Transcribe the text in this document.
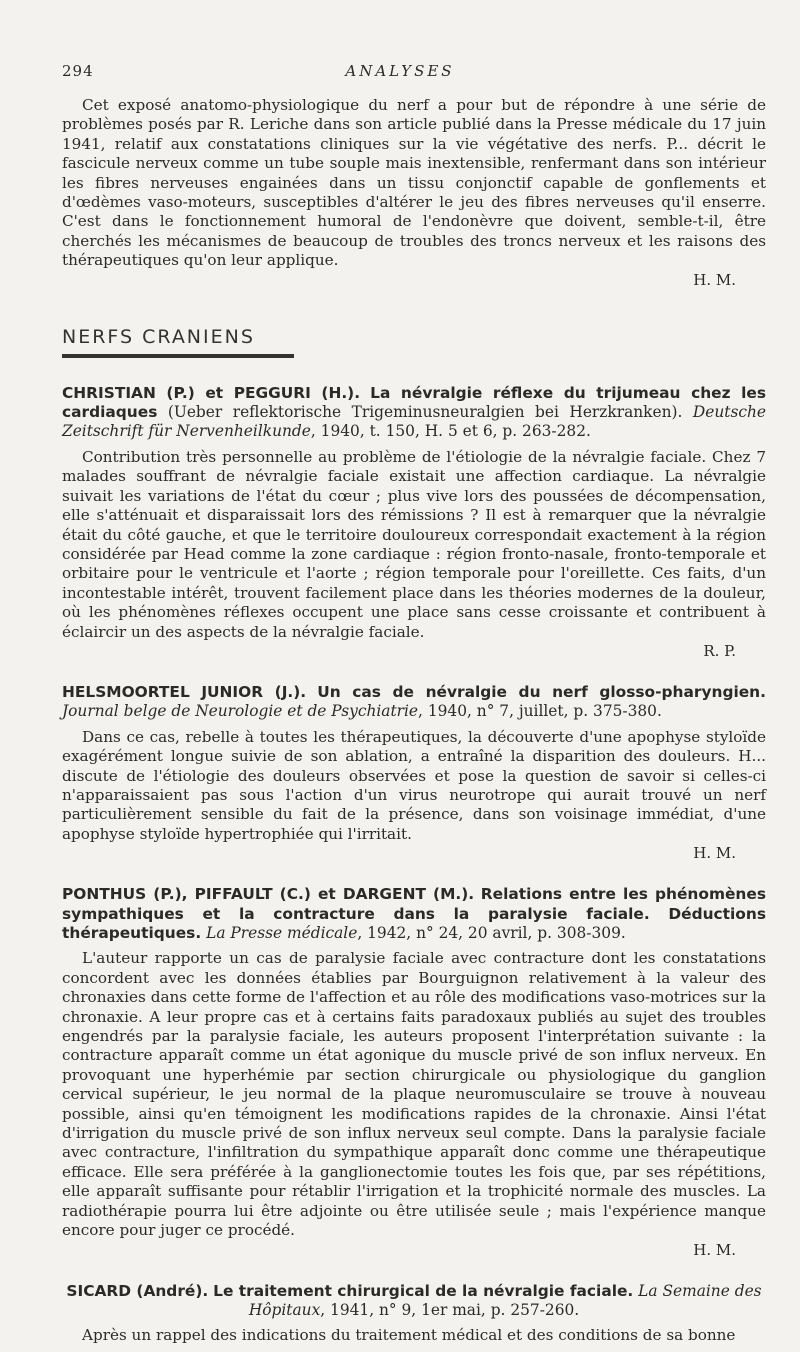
294	ANALYSES

Cet exposé anatomo-physiologique du nerf a pour but de répondre à une série de problèmes posés par R. Leriche dans son article publié dans la Presse médicale du 17 juin 1941, relatif aux constatations cliniques sur la vie végétative des nerfs. P... décrit le fascicule nerveux comme un tube souple mais inextensible, renfermant dans son intérieur les fibres nerveuses engainées dans un tissu conjonctif capable de gonflements et d'œdèmes vaso-moteurs, susceptibles d'altérer le jeu des fibres nerveuses qu'il enserre. C'est dans le fonctionnement humoral de l'endonèvre que doivent, semble-t-il, être cherchés les mécanismes de beaucoup de troubles des troncs nerveux et les raisons des thérapeutiques qu'on leur applique.

H. M.
NERFS CRANIENS
CHRISTIAN (P.) et PEGGURI (H.). La névralgie réflexe du trijumeau chez les cardiaques (Ueber reflektorische Trigeminusneuralgien bei Herzkranken). Deutsche Zeitschrift für Nervenheilkunde, 1940, t. 150, H. 5 et 6, p. 263-282.

Contribution très personnelle au problème de l'étiologie de la névralgie faciale. Chez 7 malades souffrant de névralgie faciale existait une affection cardiaque. La névralgie suivait les variations de l'état du cœur ; plus vive lors des poussées de décompensation, elle s'atténuait et disparaissait lors des rémissions ? Il est à remarquer que la névralgie était du côté gauche, et que le territoire douloureux correspondait exactement à la région considérée par Head comme la zone cardiaque : région fronto-nasale, fronto-temporale et orbitaire pour le ventricule et l'aorte ; région temporale pour l'oreillette. Ces faits, d'un incontestable intérêt, trouvent facilement place dans les théories modernes de la douleur, où les phénomènes réflexes occupent une place sans cesse croissante et contribuent à éclaircir un des aspects de la névralgie faciale.

R. P.
HELSMOORTEL JUNIOR (J.). Un cas de névralgie du nerf glosso-pharyngien. Journal belge de Neurologie et de Psychiatrie, 1940, n° 7, juillet, p. 375-380.

Dans ce cas, rebelle à toutes les thérapeutiques, la découverte d'une apophyse styloïde exagérément longue suivie de son ablation, a entraîné la disparition des douleurs. H... discute de l'étiologie des douleurs observées et pose la question de savoir si celles-ci n'apparaissaient pas sous l'action d'un virus neurotrope qui aurait trouvé un nerf particulièrement sensible du fait de la présence, dans son voisinage immédiat, d'une apophyse styloïde hypertrophiée qui l'irritait.

H. M.
PONTHUS (P.), PIFFAULT (C.) et DARGENT (M.). Relations entre les phénomènes sympathiques et la contracture dans la paralysie faciale. Déductions thérapeutiques. La Presse médicale, 1942, n° 24, 20 avril, p. 308-309.

L'auteur rapporte un cas de paralysie faciale avec contracture dont les constatations concordent avec les données établies par Bourguignon relativement à la valeur des chronaxies dans cette forme de l'affection et au rôle des modifications vaso-motrices sur la chronaxie. A leur propre cas et à certains faits paradoxaux publiés au sujet des troubles engendrés par la paralysie faciale, les auteurs proposent l'interprétation suivante : la contracture apparaît comme un état agonique du muscle privé de son influx nerveux. En provoquant une hyperhémie par section chirurgicale ou physiologique du ganglion cervical supérieur, le jeu normal de la plaque neuromusculaire se trouve à nouveau possible, ainsi qu'en témoignent les modifications rapides de la chronaxie. Ainsi l'état d'irrigation du muscle privé de son influx nerveux seul compte. Dans la paralysie faciale avec contracture, l'infiltration du sympathique apparaît donc comme une thérapeutique efficace. Elle sera préférée à la ganglionectomie toutes les fois que, par ses répétitions, elle apparaît suffisante pour rétablir l'irrigation et la trophicité normale des muscles. La radiothérapie pourra lui être adjointe ou être utilisée seule ; mais l'expérience manque encore pour juger ce procédé.

H. M.
SICARD (André). Le traitement chirurgical de la névralgie faciale. La Semaine des Hôpitaux, 1941, n° 9, 1er mai, p. 257-260.

Après un rappel des indications du traitement médical et des conditions de sa bonne
